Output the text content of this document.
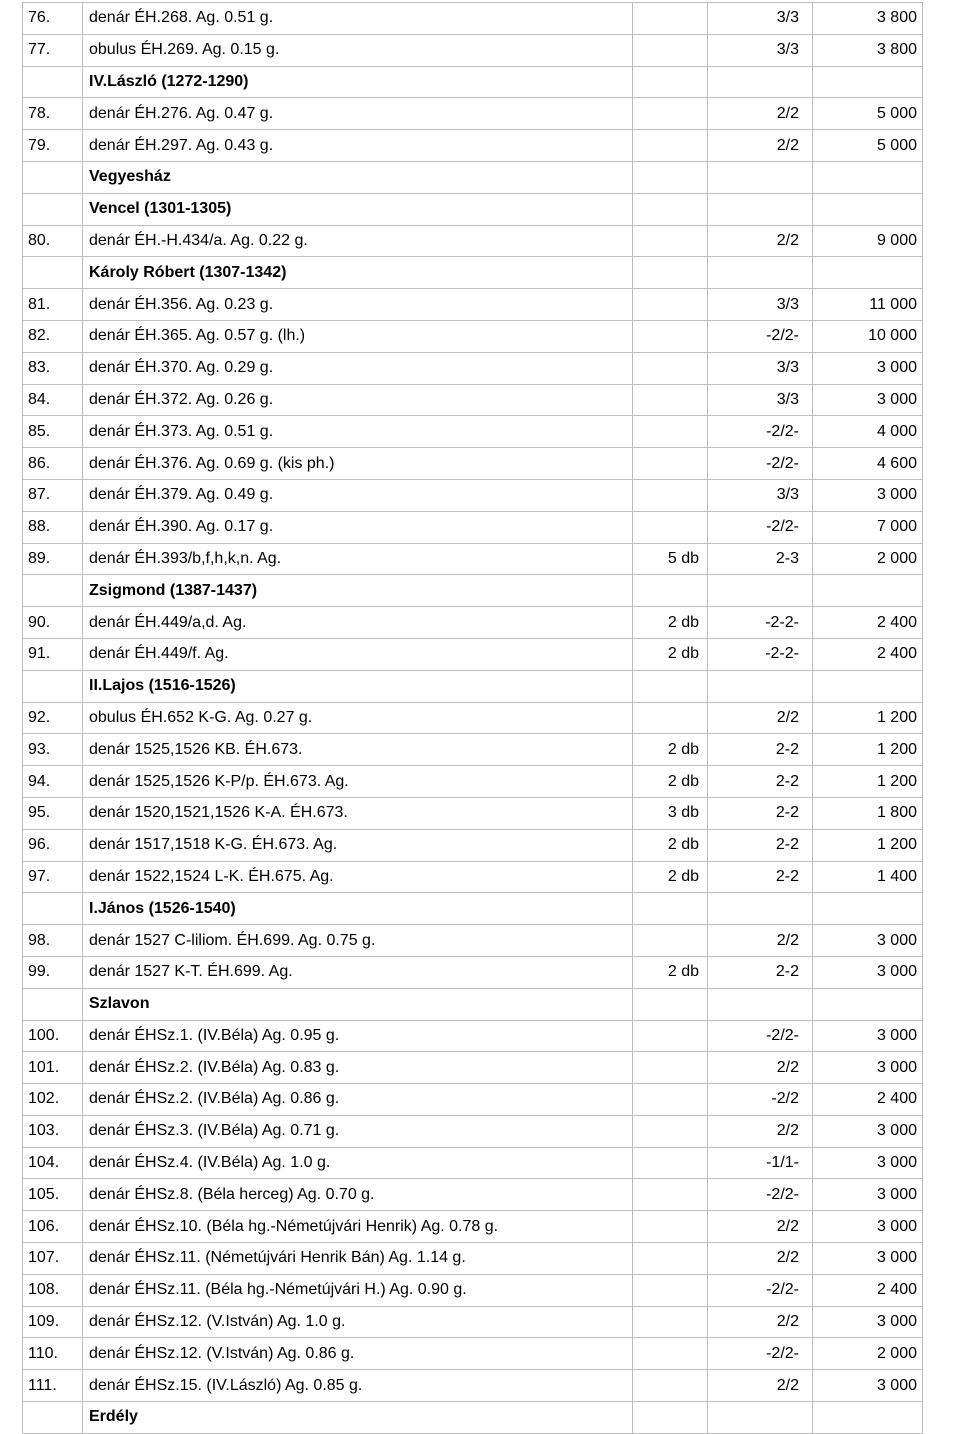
76.	denár ÉH.268. Ag. 0.51 g.		3/3	3 800
77.	obulus ÉH.269. Ag. 0.15 g.		3/3	3 800
	IV.László (1272-1290)			
78.	denár ÉH.276. Ag. 0.47 g.		2/2	5 000
79.	denár ÉH.297. Ag. 0.43 g.		2/2	5 000
	Vegyesház			
	Vencel (1301-1305)			
80.	denár ÉH.-H.434/a. Ag. 0.22 g.		2/2	9 000
	Károly Róbert (1307-1342)			
81.	denár ÉH.356. Ag. 0.23 g.		3/3	11 000
82.	denár ÉH.365. Ag. 0.57 g. (lh.)		-2/2-	10 000
83.	denár ÉH.370. Ag. 0.29 g.		3/3	3 000
84.	denár ÉH.372. Ag. 0.26 g.		3/3	3 000
85.	denár ÉH.373. Ag. 0.51 g.		-2/2-	4 000
86.	denár ÉH.376. Ag. 0.69 g. (kis ph.)		-2/2-	4 600
87.	denár ÉH.379. Ag. 0.49 g.		3/3	3 000
88.	denár ÉH.390. Ag. 0.17 g.		-2/2-	7 000
89.	denár ÉH.393/b,f,h,k,n. Ag.	5 db	2-3	2 000
	Zsigmond (1387-1437)			
90.	denár ÉH.449/a,d. Ag.	2 db	-2-2-	2 400
91.	denár ÉH.449/f. Ag.	2 db	-2-2-	2 400
	II.Lajos (1516-1526)			
92.	obulus ÉH.652 K-G. Ag. 0.27 g.		2/2	1 200
93.	denár 1525,1526 KB. ÉH.673.	2 db	2-2	1 200
94.	denár 1525,1526 K-P/p. ÉH.673. Ag.	2 db	2-2	1 200
95.	denár 1520,1521,1526 K-A. ÉH.673.	3 db	2-2	1 800
96.	denár 1517,1518 K-G. ÉH.673. Ag.	2 db	2-2	1 200
97.	denár 1522,1524 L-K. ÉH.675. Ag.	2 db	2-2	1 400
	I.János (1526-1540)			
98.	denár 1527 C-liliom. ÉH.699. Ag. 0.75 g.		2/2	3 000
99.	denár 1527 K-T. ÉH.699. Ag.	2 db	2-2	3 000
	Szlavon			
100.	denár ÉHSz.1. (IV.Béla) Ag. 0.95 g.		-2/2-	3 000
101.	denár ÉHSz.2. (IV.Béla) Ag. 0.83 g.		2/2	3 000
102.	denár ÉHSz.2. (IV.Béla) Ag. 0.86 g.		-2/2	2 400
103.	denár ÉHSz.3. (IV.Béla) Ag. 0.71 g.		2/2	3 000
104.	denár ÉHSz.4. (IV.Béla) Ag. 1.0 g.		-1/1-	3 000
105.	denár ÉHSz.8. (Béla herceg) Ag. 0.70 g.		-2/2-	3 000
106.	denár ÉHSz.10. (Béla hg.-Németújvári Henrik) Ag. 0.78 g.		2/2	3 000
107.	denár ÉHSz.11. (Németújvári Henrik Bán) Ag. 1.14 g.		2/2	3 000
108.	denár ÉHSz.11. (Béla hg.-Németújvári H.) Ag. 0.90 g.		-2/2-	2 400
109.	denár ÉHSz.12. (V.István) Ag. 1.0 g.		2/2	3 000
110.	denár ÉHSz.12. (V.István) Ag. 0.86 g.		-2/2-	2 000
111.	denár ÉHSz.15. (IV.László) Ag. 0.85 g.		2/2	3 000
	Erdély			
